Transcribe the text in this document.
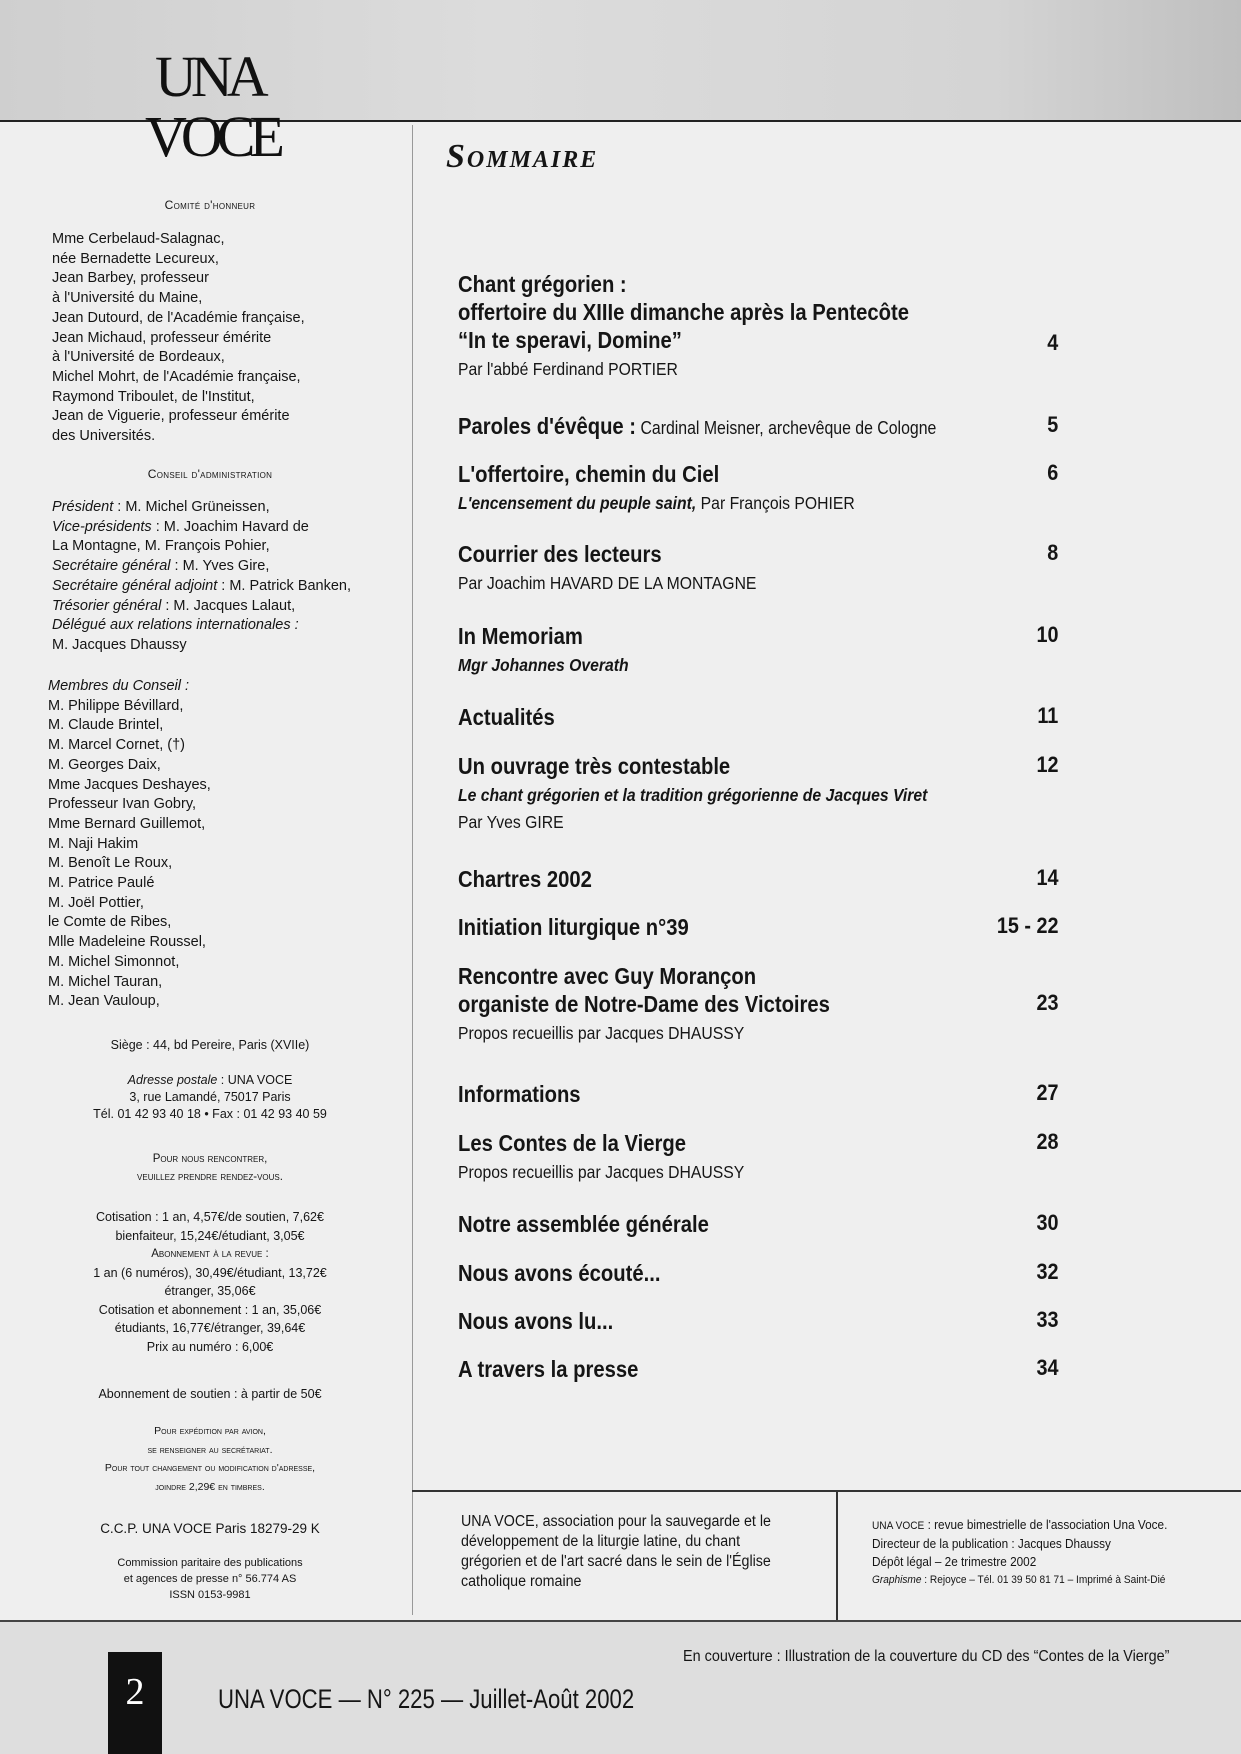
UNA
VOCE
Comité d'honneur
Mme Cerbelaud-Salagnac,
née Bernadette Lecureux,
Jean Barbey, professeur
à l'Université du Maine,
Jean Dutourd, de l'Académie française,
Jean Michaud, professeur émérite
à l'Université de Bordeaux,
Michel Mohrt, de l'Académie française,
Raymond Triboulet, de l'Institut,
Jean de Viguerie, professeur émérite
des Universités.
Conseil d'administration
Président : M. Michel Grüneissen,
Vice-présidents : M. Joachim Havard de
La Montagne, M. François Pohier,
Secrétaire général : M. Yves Gire,
Secrétaire général adjoint : M. Patrick Banken,
Trésorier général : M. Jacques Lalaut,
Délégué aux relations internationales :
M. Jacques Dhaussy
Membres du Conseil :
M. Philippe Bévillard,
M. Claude Brintel,
M. Marcel Cornet, (†)
M. Georges Daix,
Mme Jacques Deshayes,
Professeur Ivan Gobry,
Mme Bernard Guillemot,
M. Naji Hakim
M. Benoît Le Roux,
M. Patrice Paulé
M. Joël Pottier,
le Comte de Ribes,
Mlle Madeleine Roussel,
M. Michel Simonnot,
M. Michel Tauran,
M. Jean Vauloup,
Siège : 44, bd Pereire, Paris (XVIIe)
Adresse postale : UNA VOCE
3, rue Lamandé, 75017 Paris
Tél. 01 42 93 40 18 • Fax : 01 42 93 40 59
Pour nous rencontrer,
veuillez prendre rendez-vous.
Cotisation : 1 an, 4,57€/de soutien, 7,62€
bienfaiteur, 15,24€/étudiant, 3,05€
Abonnement à la revue :
1 an (6 numéros), 30,49€/étudiant, 13,72€
étranger, 35,06€
Cotisation et abonnement : 1 an, 35,06€
étudiants, 16,77€/étranger, 39,64€
Prix au numéro : 6,00€
Abonnement de soutien : à partir de 50€
Pour expédition par avion,
se renseigner au secrétariat.
Pour tout changement ou modification d'adresse,
joindre 2,29€ en timbres.
C.C.P. UNA VOCE Paris 18279-29 K
Commission paritaire des publications
et agences de presse n° 56.774 AS
ISSN 0153-9981
Sommaire
Chant grégorien :
offertoire du XIIIe dimanche après la Pentecôte
“In te speravi, Domine”	4
Par l'abbé Ferdinand PORTIER
Paroles d'évêque : Cardinal Meisner, archevêque de Cologne	5
L'offertoire, chemin du Ciel	6
L'encensement du peuple saint, Par François POHIER
Courrier des lecteurs	8
Par Joachim HAVARD DE LA MONTAGNE
In Memoriam	10
Mgr Johannes Overath
Actualités	11
Un ouvrage très contestable	12
Le chant grégorien et la tradition grégorienne de Jacques Viret
Par Yves GIRE
Chartres 2002	14
Initiation liturgique n°39	15 - 22
Rencontre avec Guy Morançon
organiste de Notre-Dame des Victoires	23
Propos recueillis par Jacques DHAUSSY
Informations	27
Les Contes de la Vierge	28
Propos recueillis par Jacques DHAUSSY
Notre assemblée générale	30
Nous avons écouté...	32
Nous avons lu...	33
A travers la presse	34
UNA VOCE, association pour la sauvegarde et le développement de la liturgie latine, du chant grégorien et de l'art sacré dans le sein de l'Église catholique romaine
UNA VOCE : revue bimestrielle de l'association Una Voce.
Directeur de la publication : Jacques Dhaussy
Dépôt légal – 2e trimestre 2002
Graphisme : Rejoyce – Tél. 01 39 50 81 71 – Imprimé à Saint-Dié
2	UNA VOCE — N° 225 — Juillet-Août 2002
En couverture : Illustration de la couverture du CD des “Contes de la Vierge”
